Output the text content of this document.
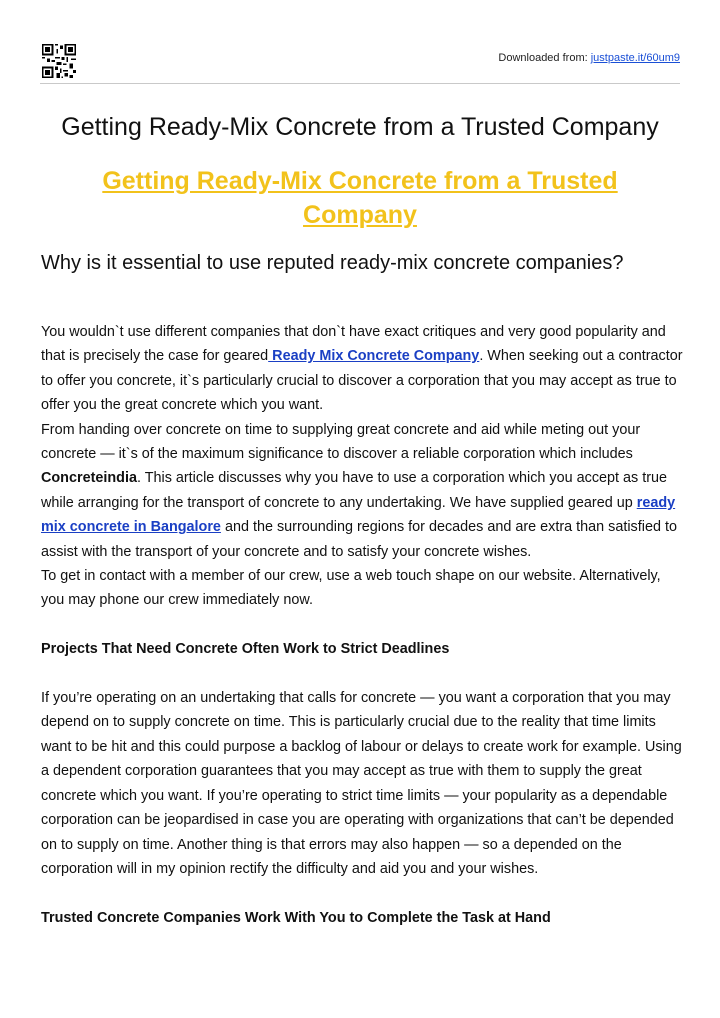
Downloaded from: justpaste.it/60um9
Getting Ready-Mix Concrete from a Trusted Company
Getting Ready-Mix Concrete from a Trusted Company
Why is it essential to use reputed ready-mix concrete companies?

You wouldn`t use different companies that don`t have exact critiques and very good popularity and that is precisely the case for geared Ready Mix Concrete Company. When seeking out a contractor to offer you concrete, it`s particularly crucial to discover a corporation that you may accept as true to offer you the great concrete which you want.

From handing over concrete on time to supplying great concrete and aid while meting out your concrete — it`s of the maximum significance to discover a reliable corporation which includes Concreteindia. This article discusses why you have to use a corporation which you accept as true while arranging for the transport of concrete to any undertaking. We have supplied geared up ready mix concrete in Bangalore and the surrounding regions for decades and are extra than satisfied to assist with the transport of your concrete and to satisfy your concrete wishes.

To get in contact with a member of our crew, use a web touch shape on our website. Alternatively, you may phone our crew immediately now.

Projects That Need Concrete Often Work to Strict Deadlines

If you’re operating on an undertaking that calls for concrete — you want a corporation that you may depend on to supply concrete on time. This is particularly crucial due to the reality that time limits want to be hit and this could purpose a backlog of labour or delays to create work for example. Using a dependent corporation guarantees that you may accept as true with them to supply the great concrete which you want. If you’re operating to strict time limits — your popularity as a dependable corporation can be jeopardised in case you are operating with organizations that can’t be depended on to supply on time. Another thing is that errors may also happen — so a depended on the corporation will in my opinion rectify the difficulty and aid you and your wishes.

Trusted Concrete Companies Work With You to Complete the Task at Hand
